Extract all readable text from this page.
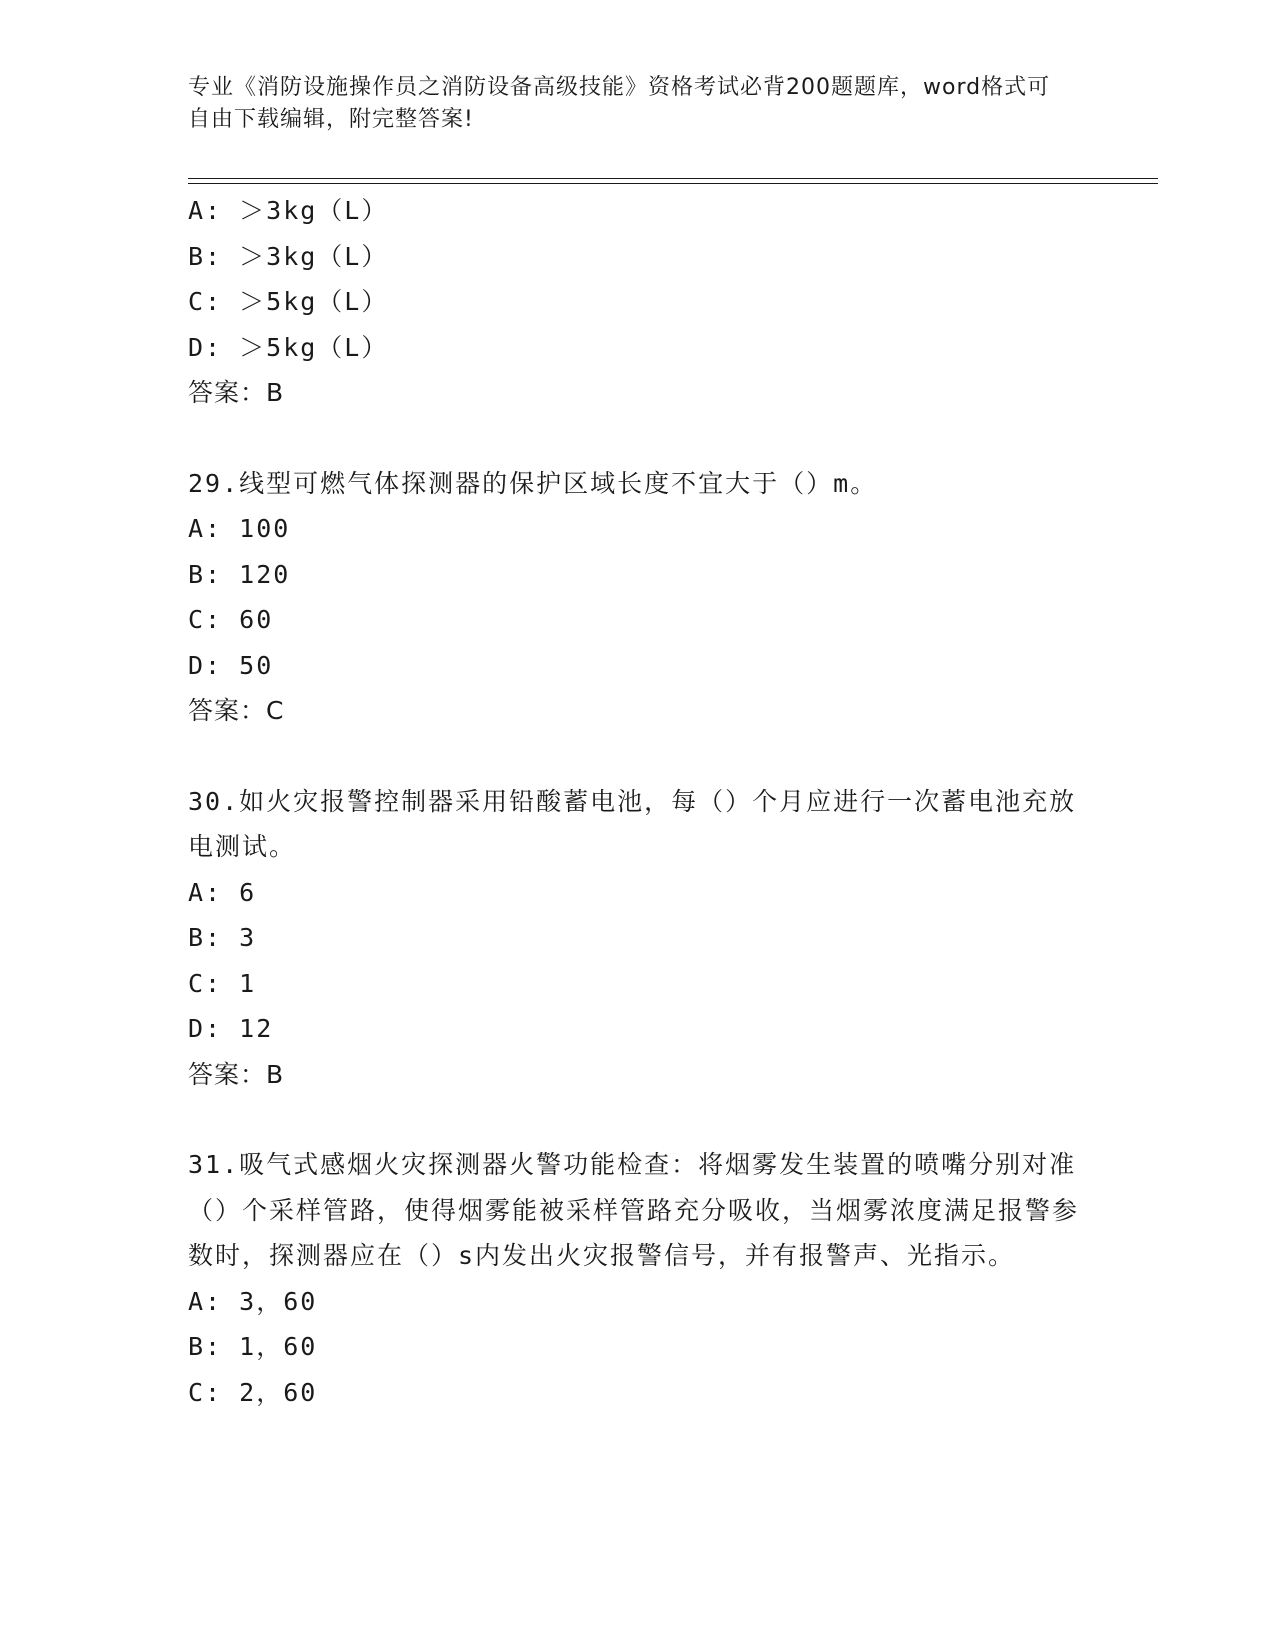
专业《消防设施操作员之消防设备高级技能》资格考试必背200题题库，word格式可自由下载编辑，附完整答案!
A: ＞3kg（L）
B: ＞3kg（L）
C: ＞5kg（L）
D: ＞5kg（L）
答案：B
29.线型可燃气体探测器的保护区域长度不宜大于（）m。
A: 100
B: 120
C: 60
D: 50
答案：C
30.如火灾报警控制器采用铅酸蓄电池，每（）个月应进行一次蓄电池充放电测试。
A: 6
B: 3
C: 1
D: 12
答案：B
31.吸气式感烟火灾探测器火警功能检查：将烟雾发生装置的喷嘴分别对准（）个采样管路，使得烟雾能被采样管路充分吸收，当烟雾浓度满足报警参数时，探测器应在（）s内发出火灾报警信号，并有报警声、光指示。
A: 3，60
B: 1，60
C: 2，60
